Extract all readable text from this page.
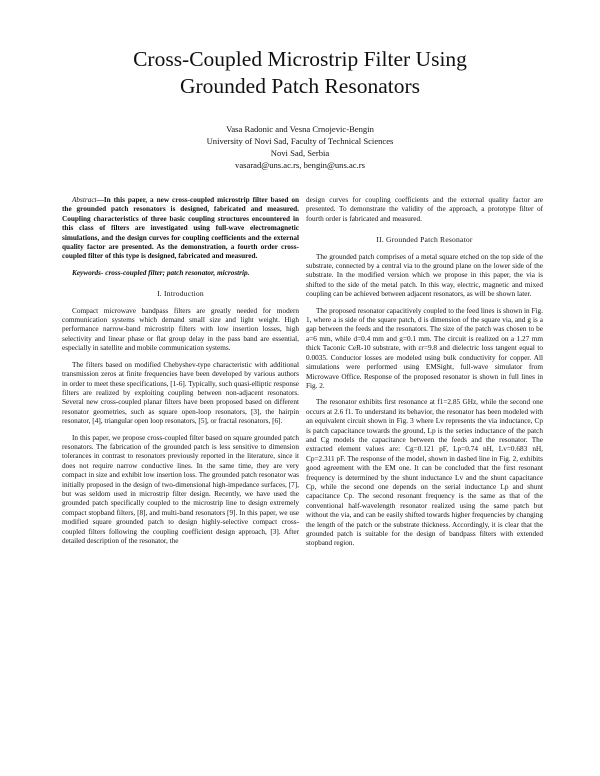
Cross-Coupled Microstrip Filter Using
Grounded Patch Resonators
Vasa Radonic and Vesna Crnojevic-Bengin
University of Novi Sad, Faculty of Technical Sciences
Novi Sad, Serbia
vasarad@uns.ac.rs, bengin@uns.ac.rs

Abstract—In this paper, a new cross-coupled microstrip filter based on the grounded patch resonators is designed, fabricated and measured. Coupling characteristics of three basic coupling structures encountered in this class of filters are investigated using full-wave electromagnetic simulations, and the design curves for coupling coefficients and the external quality factor are presented. As the demonstration, a fourth order cross-coupled filter of this type is designed, fabricated and measured.

Keywords- cross-coupled filter; patch resonator, microstrip.

I. Introduction

Compact microwave bandpass filters are greatly needed for modern communication systems which demand small size and light weight. High performance narrow-band microstrip filters with low insertion losses, high selectivity and linear phase or flat group delay in the pass band are essential, especially in satellite and mobile communication systems.

The filters based on modified Chebyshev-type characteristic with additional transmission zeros at finite frequencies have been developed by various authors in order to meet these specifications, [1-6]. Typically, such quasi-elliptic response filters are realized by exploiting coupling between non-adjacent resonators. Several new cross-coupled planar filters have been proposed based on different resonator geometries, such as square open-loop resonators, [3], the hairpin resonator, [4], triangular open loop resonators, [5], or fractal resonators, [6].

In this paper, we propose cross-coupled filter based on square grounded patch resonators. The fabrication of the grounded patch is less sensitive to dimension tolerances in contrast to resonators previously reported in the literature, since it does not require narrow conductive lines. In the same time, they are very compact in size and exhibit low insertion loss. The grounded patch resonator was initially proposed in the design of two-dimensional high-impedance surfaces, [7], but was seldom used in microstrip filter design. Recently, we have used the grounded patch specifically coupled to the microstrip line to design extremely compact stopband filters, [8], and multi-band resonators [9]. In this paper, we use modified square grounded patch to design highly-selective compact cross-coupled filters following the coupling coefficient design approach, [3]. After detailed description of the resonator, the

design curves for coupling coefficients and the external quality factor are presented. To demonstrate the validity of the approach, a prototype filter of fourth order is fabricated and measured.

II. Grounded Patch Resonator

The grounded patch comprises of a metal square etched on the top side of the substrate, connected by a central via to the ground plane on the lower side of the substrate. In the modified version which we propose in this paper, the via is shifted to the side of the metal patch. In this way, electric, magnetic and mixed coupling can be achieved between adjacent resonators, as will be shown later.

The proposed resonator capacitively coupled to the feed lines is shown in Fig. 1, where a is side of the square patch, d is dimension of the square via, and g is a gap between the feeds and the resonators. The size of the patch was chosen to be a=6 mm, while d=0.4 mm and g=0.1 mm. The circuit is realized on a 1.27 mm thick Taconic CeR-10 substrate, with εr=9.8 and dielectric loss tangent equal to 0.0035. Conductor losses are modeled using bulk conductivity for copper. All simulations were performed using EMSight, full-wave simulator from Microwave Office. Response of the proposed resonator is shown in full lines in Fig. 2.

The resonator exhibits first resonance at f1=2.85 GHz, while the second one occurs at 2.6 f1. To understand its behavior, the resonator has been modeled with an equivalent circuit shown in Fig. 3 where Lv represents the via inductance, Cp is patch capacitance towards the ground, Lp is the series inductance of the patch and Cg models the capacitance between the feeds and the resonator. The extracted element values are: Cg=0.121 pF, Lp=0.74 nH, Lv=0.683 nH, Cp=2.311 pF. The response of the model, shown in dashed line in Fig. 2, exhibits good agreement with the EM one. It can be concluded that the first resonant frequency is determined by the shunt inductance Lv and the shunt capacitance Cp, while the second one depends on the serial inductance Lp and shunt capacitance Cp. The second resonant frequency is the same as that of the conventional half-wavelength resonator realized using the same patch but without the via, and can be easily shifted towards higher frequencies by changing the length of the patch or the substrate thickness. Accordingly, it is clear that the grounded patch is suitable for the design of bandpass filters with extended stopband region.
